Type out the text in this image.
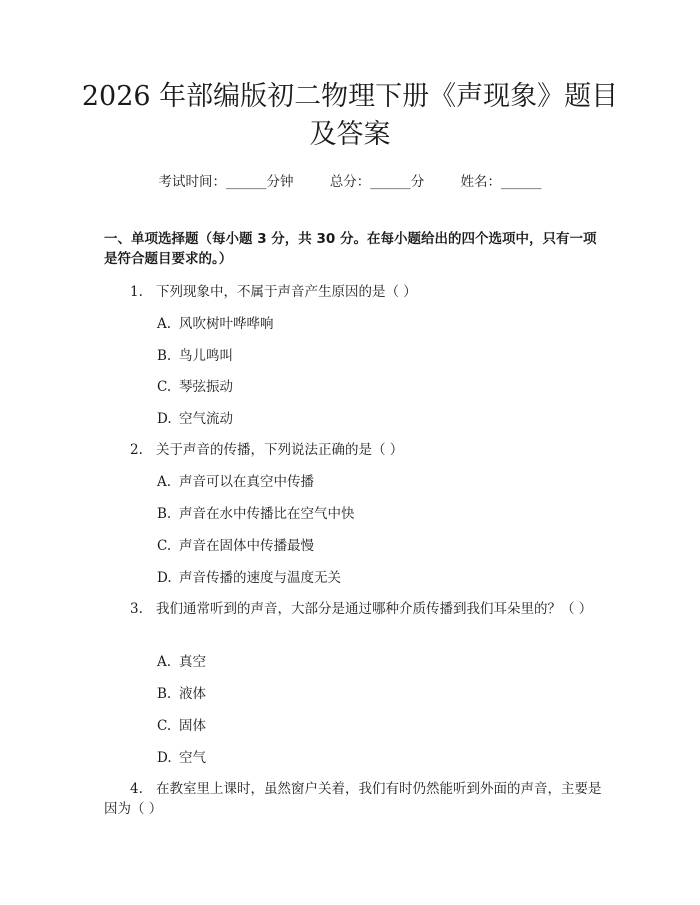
2026 年部编版初二物理下册《声现象》题目
及答案
考试时间：______分钟	总分：______分	姓名：______
一、单项选择题（每小题 3 分，共 30 分。在每小题给出的四个选项中，只有一项是符合题目要求的。）
1. 下列现象中，不属于声音产生原因的是（ ）
A. 风吹树叶哗哗响
B. 鸟儿鸣叫
C. 琴弦振动
D. 空气流动
2. 关于声音的传播，下列说法正确的是（ ）
A. 声音可以在真空中传播
B. 声音在水中传播比在空气中快
C. 声音在固体中传播最慢
D. 声音传播的速度与温度无关
3. 我们通常听到的声音，大部分是通过哪种介质传播到我们耳朵里的？（ ）
A. 真空
B. 液体
C. 固体
D. 空气
4. 在教室里上课时，虽然窗户关着，我们有时仍然能听到外面的声音，主要是因为（ ）
